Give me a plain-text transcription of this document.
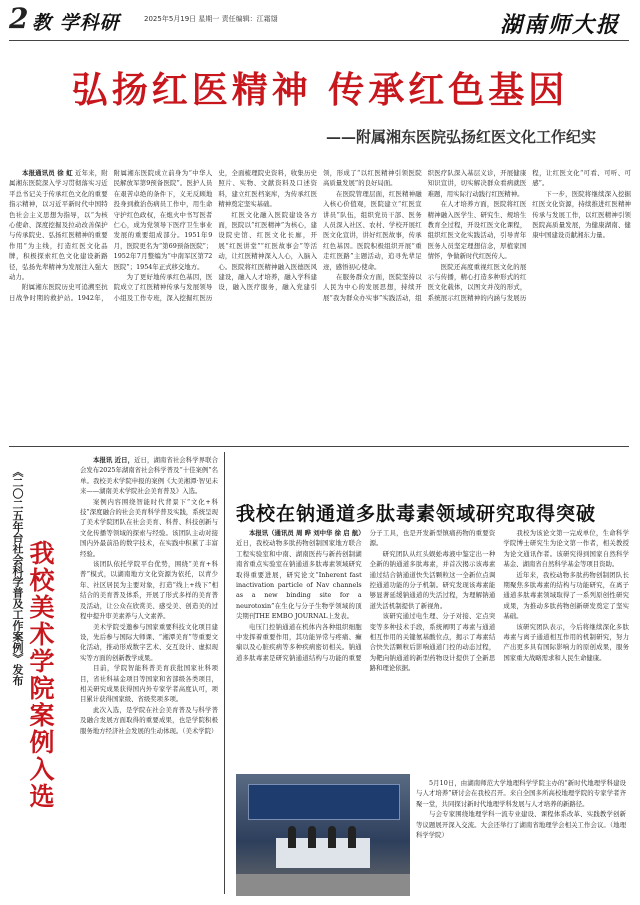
2 教 学科研	2025年5月19日 星期一 责任编辑：江霜翃	湖南师大报
弘扬红医精神 传承红色基因
——附属湘东医院弘扬红医文化工作纪实

本报通讯员 徐 虹 近年来，附属湘东医院深入学习贯彻落实习近平总书记关于传承红色文化的重要指示精神，以习近平新时代中国特色社会主义思想为指导，以“为核心使命、深度挖掘及拉动改善保护与传承院史、弘扬红医精神的重要作用”为主线，打造红医文化品牌，积极探索红色文化建设新路径，弘扬先辈精神为发展注入强大动力。

附属湘东医院历史可追溯至抗日战争时期的救护站。1942年，附属湘东医院成立前身为“中华人民解放军第9预备医院”。医护人员在艰苦卓绝的条件下，义无反顾地投身到救治伤病员工作中，用生命守护红色政权，在炮火中书写医者仁心，成为党领导下医疗卫生事业发展的重要组成部分。1951年9月，医院更名为“第69预备医院”；1952年7月整编为“中南军区第72医院”；1954年正式移交地方。

为了更好地传承红色基因，医院成立了红医精神传承与发展领导小组及工作专班，深入挖掘红医历史，全面梳理院史资料，收集历史照片、实物、文献资料及口述资料，建立红医档案库，为传承红医精神奠定坚实基础。

红医文化融入医院建设各方面，医院以“红医精神”为核心，建设院史馆、红医文化长廊，开展“红医讲堂”“红医故事会”等活动，让红医精神深入人心，入脑入心。医院将红医精神融入医德医风建设，融入人才培养，融入学科建设，融入医疗服务，融入党建引领，形成了“以红医精神引领医院高质量发展”的良好局面。

在医院管理层面，红医精神融入核心价值观，医院建立“红医宣讲员”队伍，组织党员干部、医务人员深入社区、农村、学校开展红医文化宣讲，讲好红医故事，传承红色基因。医院积极组织开展“重走红医路”主题活动，追寻先辈足迹，感悟初心使命。

在服务群众方面，医院坚持以人民为中心的发展思想，持续开展“我为群众办实事”实践活动，组织医疗队深入基层义诊，开展健康知识宣讲，切实解决群众看病就医难题，用实际行动践行红医精神。

在人才培养方面，医院将红医精神融入医学生、研究生、规培生教育全过程，开设红医文化课程，组织红医文化实践活动，引导青年医务人员坚定理想信念，厚植家国情怀，争做新时代红医传人。

医院还高度重视红医文化的展示与传播，精心打造多种形式的红医文化载体，以图文并茂的形式，系统展示红医精神的内涵与发展历程，让红医文化“可看、可听、可感”。

下一步，医院将继续深入挖掘红医文化资源，持续推进红医精神传承与发展工作，以红医精神引领医院高质量发展，为健康湖南、健康中国建设贡献湘东力量。

《二〇二五年台社会科学普及工作案例》发布 我校美术学院案例入选

本报讯 近日，近日，湖南省社会科学界联合会发布2025年湖南省社会科学普及“十佳案例”名单。我校美术学院申报的案例《大美湘潭·智见未来——湖南美术学院社会美育普及》入选。

案例内容围绕智能时代背景下“文化+科技”深度融合的社会美育科学普及实践，系统呈现了美术学院团队在社会美育、科普、科技创新与文化传播等领域的探索与经验。该团队主动对接国内外最前沿的数字技术，在实践中积累了丰富经验。

该团队依托学院平台优势，围绕“美育+科普”模式，以湖南地方文化资源为依托，以青少年、社区居民为主要对象，打造“线上+线下”相结合的美育普及体系，开展了形式多样的美育普及活动，让公众在欣赏美、感受美、创造美的过程中提升审美素养与人文素养。

美术学院受邀参与国家重要科技文化项目建设，先后参与国际大师课、“湘潭美育”等重要文化活动，推动形成数字艺术、交互设计、虚拟现实等方面的创新教学成果。

目前，学院智能科普美育获批国家社科项目，省社科基金项目等国家和省部级各类项目，相关研究成果获得国内外专家学者高度认可，项目累计获得国家级、省级奖项多项。

此次入选，是学院在社会美育普及与科学普及融合发展方面取得的重要成果，也是学院积极服务地方经济社会发展的生动体现。（美术学院）

我校在钠通道多肽毒素领域研究取得突破

本报讯（通讯员 周 晔 刘中华 徐 启 航）近日，我校动物多肽药物创制国家地方联合工程实验室和中南、湖南医药与新药创制湖南省重点实验室在钠通道多肽毒素领域研究取得重要进展，研究论文“Inherent fast inactivation particle of Nav channels as a new binding site for a neurotoxin”在生化与分子生物学领域的顶尖期刊THE EMBO JOURNAL上发表。

电压门控钠通道在机体内各种组织细胞中发挥着重要作用，其功能异常与疼痛、癫痫以及心脏疾病等多种疾病密切相关。钠通道多肽毒素是研究钠通道结构与功能的重要分子工具，也是开发新型镇痛药物的重要资源。

研究团队从红头蜈蚣毒液中鉴定出一种全新的钠通道多肽毒素，并首次揭示该毒素通过结合钠通道快失活颗粒这一全新位点调控通道功能的分子机制。研究发现该毒素能够显著延缓钠通道的失活过程，为理解钠通道失活机制提供了新视角。

该研究通过电生理、分子对接、定点突变等多种技术手段，系统阐明了毒素与通道相互作用的关键氨基酸位点，揭示了毒素结合快失活颗粒后影响通道门控的动态过程，为靶向钠通道的新型药物设计提供了全新思路和理论依据。

我校为该论文第一完成单位，生命科学学院博士研究生为论文第一作者，相关教授为论文通讯作者。该研究得到国家自然科学基金、湖南省自然科学基金等项目资助。

近年来，我校动物多肽药物创制团队长期聚焦多肽毒素的结构与功能研究，在离子通道多肽毒素领域取得了一系列原创性研究成果，为推动多肽药物创新研发奠定了坚实基础。

该研究团队表示，今后将继续深化多肽毒素与离子通道相互作用的机制研究，努力产出更多具有国际影响力的原创成果，服务国家重大战略需求和人民生命健康。

5月10日，由湖南师范大学地理科学学院主办的“新时代地理学科建设与人才培养”研讨会在我校召开。来自全国多所高校地理学院的专家学者齐聚一堂，共同探讨新时代地理学科发展与人才培养的新路径。

与会专家围绕地理学科一流专业建设、课程体系改革、实践教学创新等议题展开深入交流。大会还举行了湖南省地理学会相关工作会议。（地理科学学院）
